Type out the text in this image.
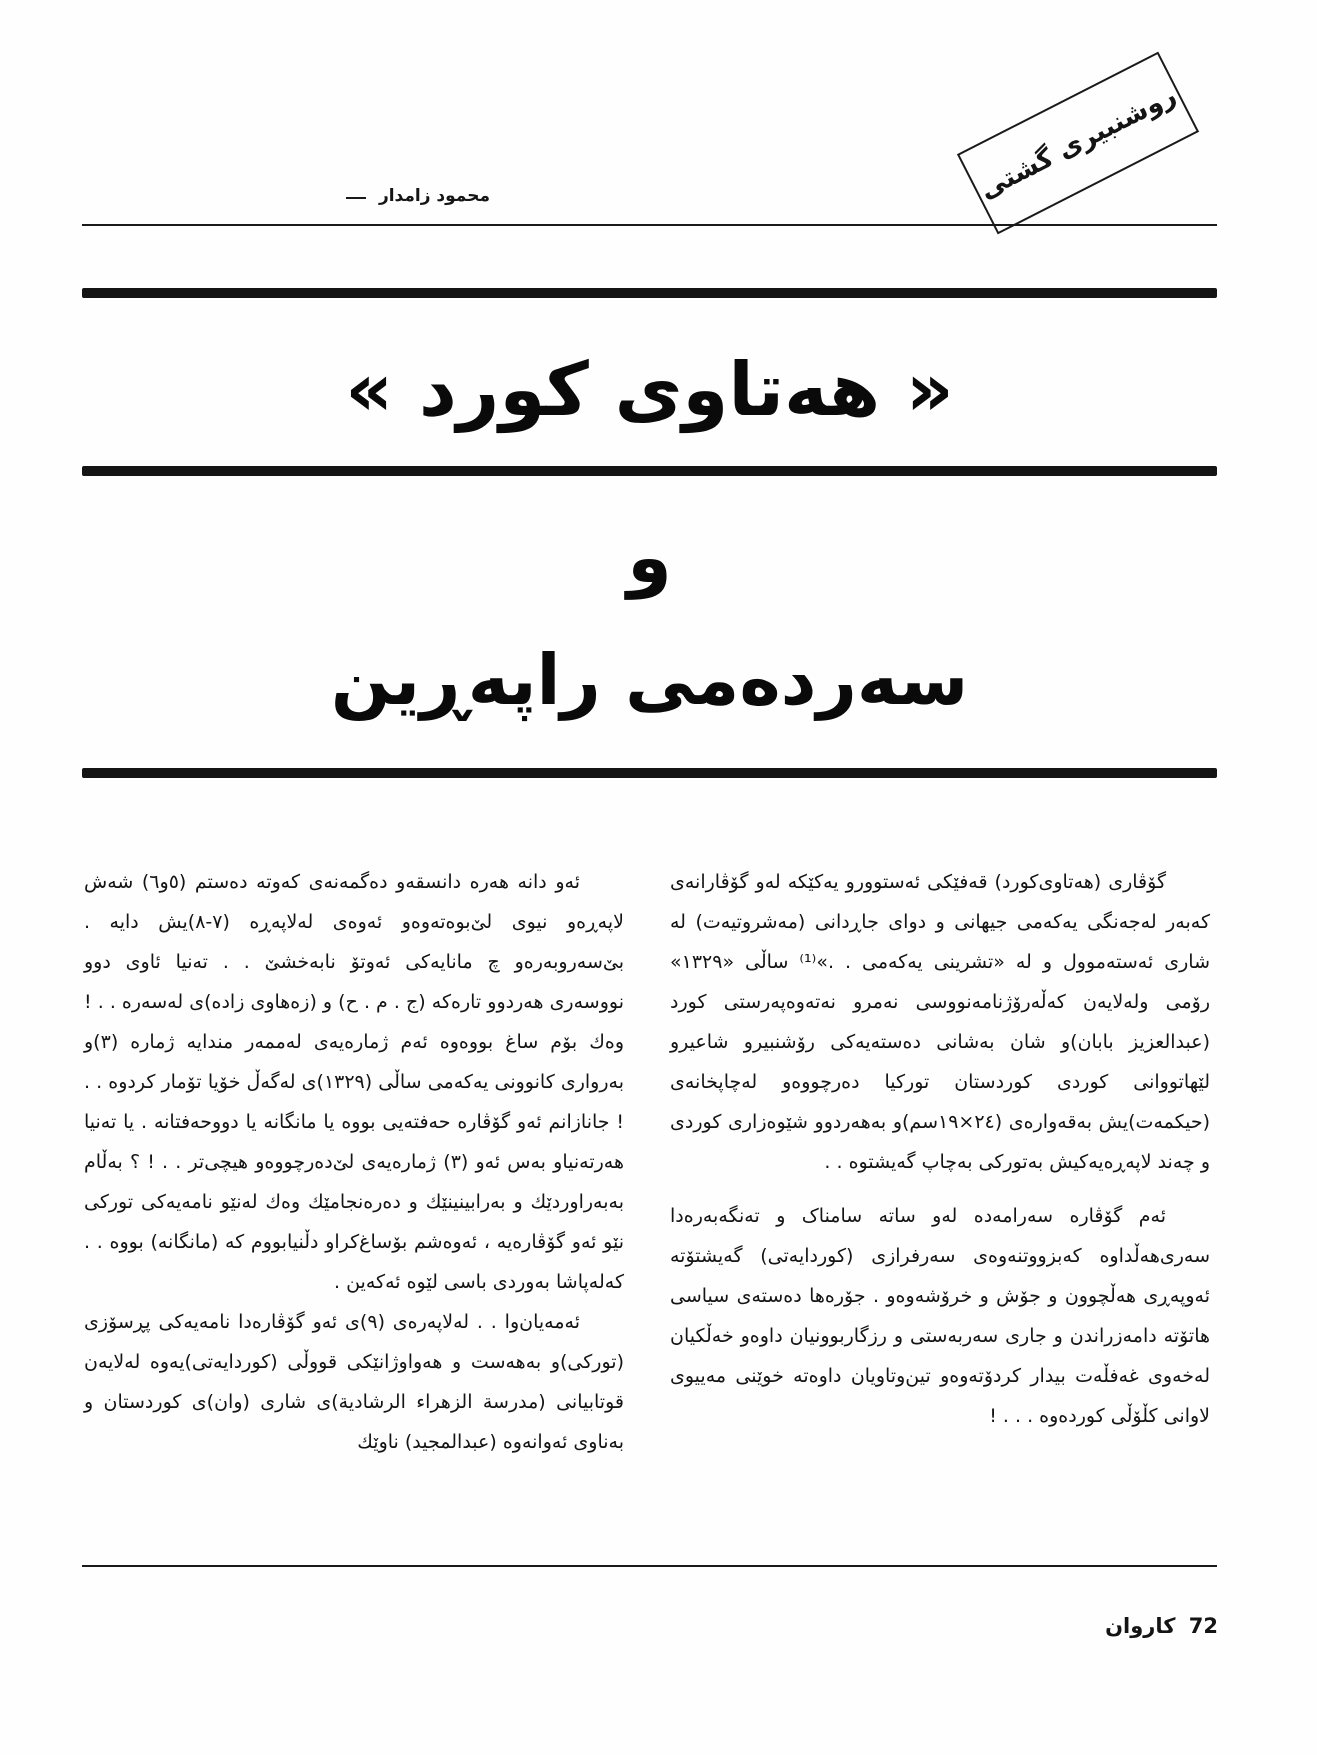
روشنبیری گشتی
محمود زامدار
« هەتاوی کورد »
و
سەردەمی راپەڕین

گۆڤاری (هەتاوی‌کورد) قەفێکی ئەستوورو یەکێکە لەو گۆڤارانەی کەبەر لەجەنگی یەکەمی جیهانی و دوای جاڕدانی (مەشروتیەت) لە شاری ئەستەموول و لە «تشرینی یەکەمی . .»⁽¹⁾ ساڵی «١٣٢٩» رۆمی ولەلایەن کەڵەرۆژنامەنووسی نەمرو نەتەوەپەرستی کورد (عبدالعزیز بابان)و شان بەشانی دەستەیەکی رۆشنبیرو شاعیرو لێهاتووانی کوردی کوردستان تورکیا دەرچووەو لەچاپخانەی (حیکمەت)یش بەقەوارەی (٢٤×١٩سم)و بەهەردوو شێوەزاری کوردی و چەند لاپەڕەیەکیش بەتورکی بەچاپ گەیشتوە . .

ئەم گۆڤارە سەرامەدە لەو ساتە سامناک و تەنگەبەرەدا سەری‌هەڵداوە کەبزووتنەوەی سەرفرازی (کوردایەتی) گەیشتۆتە ئەوپەڕی هەڵچوون و جۆش و خرۆشەوەو . جۆرەها دەستەی سیاسی هاتۆتە دامەزراندن و جاری سەربەستی و رزگاربوونیان داوەو خەڵکیان لەخەوی غەفڵەت بیدار کردۆتەوەو تین‌وتاویان داوەتە خوێنی مەییوی لاوانی کڵۆڵی کوردەوە . . . !

ئەو دانە هەرە دانسقەو دەگمەنەی کەوتە دەستم (٥و٦) شەش لاپەڕەو نیوی لێ‌بوەتەوەو ئەوەی لەلاپەڕە (٧-٨)یش دایە . بێ‌سەروبەرەو چ مانایەکی ئەوتۆ نابەخشێ . . تەنیا ئاوی دوو نووسەری هەردوو تارەکە (ج . م . ح) و (زەهاوی زادە)ی لەسەرە . . ! وەك بۆم ساغ بووەوە ئەم ژمارەیەی لەممەر مندایە ژمارە (٣)و بەرواری کانوونی یەکەمی ساڵی (١٣٢٩)ی لەگەڵ خۆیا تۆمار کردوە . . ! جانازانم ئەو گۆڤارە حەفتەیی بووە یا مانگانە یا دووحەفتانە . یا تەنیا هەرتەنیاو بەس ئەو (٣) ژمارەیەی لێ‌دەرچووەو هیچی‌تر . . ! ؟ بەڵام بەبەراوردێك و بەرابینینێك و دەرەنجامێك وەك لەنێو نامەیەکی تورکی نێو ئەو گۆڤارەیە ، ئەوەشم بۆساغ‌کراو دڵنیابووم کە (مانگانە) بووە . . کەلەپاشا بەوردی باسی لێوە ئەکەین .

ئەمەیان‌وا . . لەلاپەرەی (٩)ی ئەو گۆڤارەدا نامەیەکی پڕسۆزی (تورکی)و بەهەست و هەواوژانێکی قووڵی (کوردایەتی)یەوە لەلایەن قوتابیانی (مدرسة الزهراء الرشادیة)ی شاری (وان)ی کوردستان و بەناوی ئەوانەوە (عبدالمجید) ناوێك

72 کاروان
